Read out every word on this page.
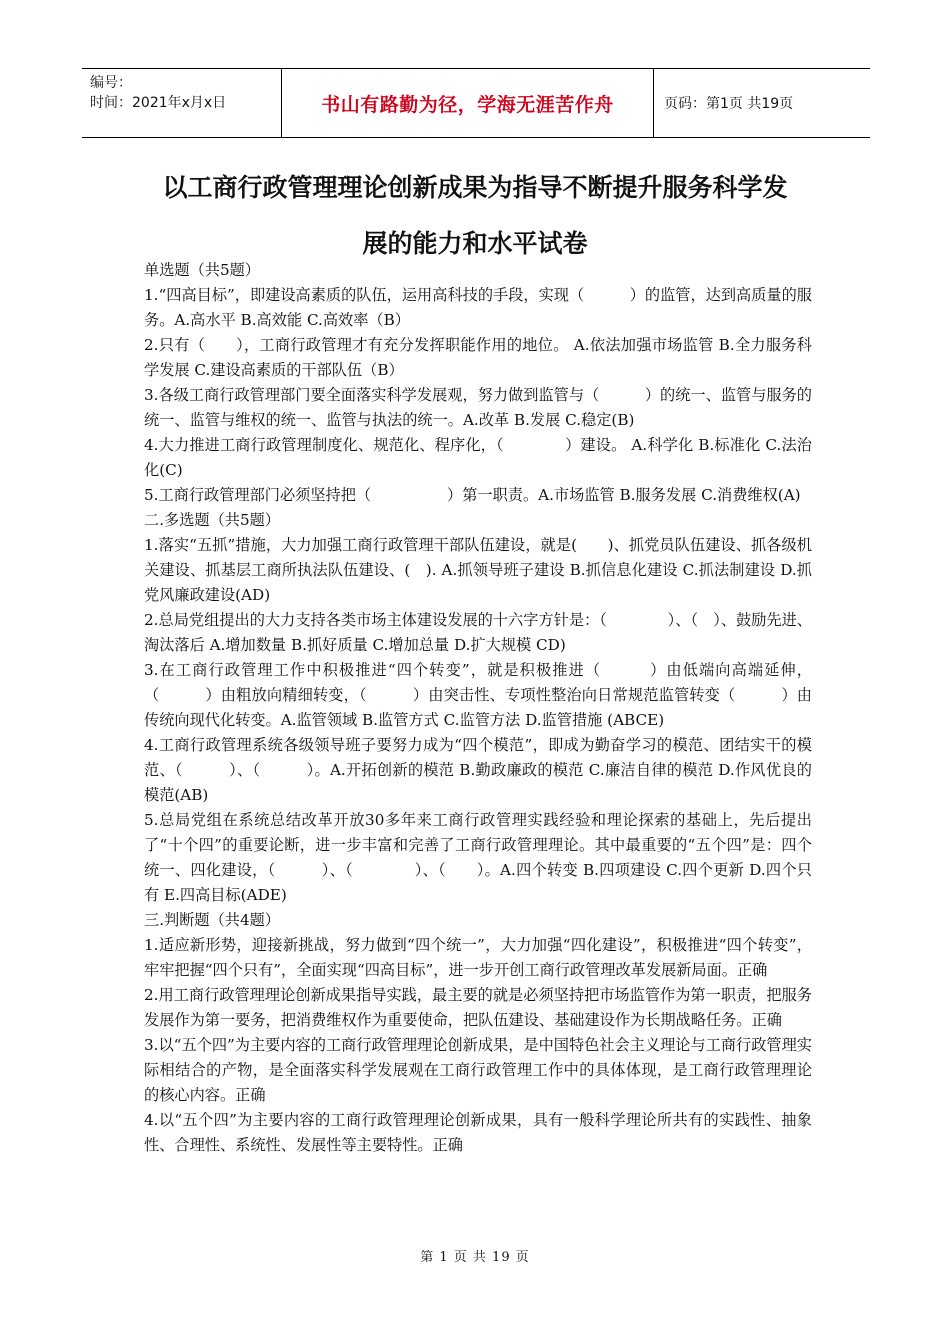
编号：
时间：2021年x月x日	书山有路勤为径，学海无涯苦作舟	页码：第1页 共19页
以工商行政管理理论创新成果为指导不断提升服务科学发
展的能力和水平试卷

单选题（共5题）

1.“四高目标”，即建设高素质的队伍，运用高科技的手段，实现（　　　）的监管，达到高质量的服务。A.高水平 B.高效能 C.高效率（B）

2.只有（　　），工商行政管理才有充分发挥职能作用的地位。 A.依法加强市场监管 B.全力服务科学发展 C.建设高素质的干部队伍（B）

3.各级工商行政管理部门要全面落实科学发展观，努力做到监管与（　　　）的统一、监管与服务的统一、监管与维权的统一、监管与执法的统一。A.改革 B.发展 C.稳定(B)

4.大力推进工商行政管理制度化、规范化、程序化，（　　　　）建设。 A.科学化 B.标准化 C.法治化(C)

5.工商行政管理部门必须坚持把（　　　　　）第一职责。A.市场监管 B.服务发展 C.消费维权(A)

二.多选题（共5题）

1.落实“五抓”措施，大力加强工商行政管理干部队伍建设，就是(　　)、抓党员队伍建设、抓各级机关建设、抓基层工商所执法队伍建设、(　). A.抓领导班子建设 B.抓信息化建设 C.抓法制建设 D.抓党风廉政建设(AD)

2.总局党组提出的大力支持各类市场主体建设发展的十六字方针是：（　　　　）、（　）、鼓励先进、淘汰落后 A.增加数量 B.抓好质量 C.增加总量 D.扩大规模 CD)

3.在工商行政管理工作中积极推进“四个转变”，就是积极推进（　　　）由低端向高端延伸，（　　　）由粗放向精细转变，（　　　）由突击性、专项性整治向日常规范监管转变（　　　）由传统向现代化转变。A.监管领域 B.监管方式 C.监管方法 D.监管措施 (ABCE)

4.工商行政管理系统各级领导班子要努力成为“四个模范”，即成为勤奋学习的模范、团结实干的模范、（　　　）、（　　　）。A.开拓创新的模范 B.勤政廉政的模范 C.廉洁自律的模范 D.作风优良的模范(AB)

5.总局党组在系统总结改革开放30多年来工商行政管理实践经验和理论探索的基础上，先后提出了“十个四”的重要论断，进一步丰富和完善了工商行政管理理论。其中最重要的“五个四”是：四个统一、四化建设，（　　　）、（　　　　）、（　　）。A.四个转变 B.四项建设 C.四个更新 D.四个只有 E.四高目标(ADE)

三.判断题（共4题）

1.适应新形势，迎接新挑战，努力做到“四个统一”，大力加强“四化建设”，积极推进“四个转变”，牢牢把握“四个只有”，全面实现“四高目标”，进一步开创工商行政管理改革发展新局面。正确

2.用工商行政管理理论创新成果指导实践，最主要的就是必须坚持把市场监管作为第一职责，把服务发展作为第一要务，把消费维权作为重要使命，把队伍建设、基础建设作为长期战略任务。正确

3.以“五个四”为主要内容的工商行政管理理论创新成果，是中国特色社会主义理论与工商行政管理实际相结合的产物，是全面落实科学发展观在工商行政管理工作中的具体体现，是工商行政管理理论的核心内容。正确

4.以“五个四”为主要内容的工商行政管理理论创新成果，具有一般科学理论所共有的实践性、抽象性、合理性、系统性、发展性等主要特性。正确

第 1 页 共 19 页
